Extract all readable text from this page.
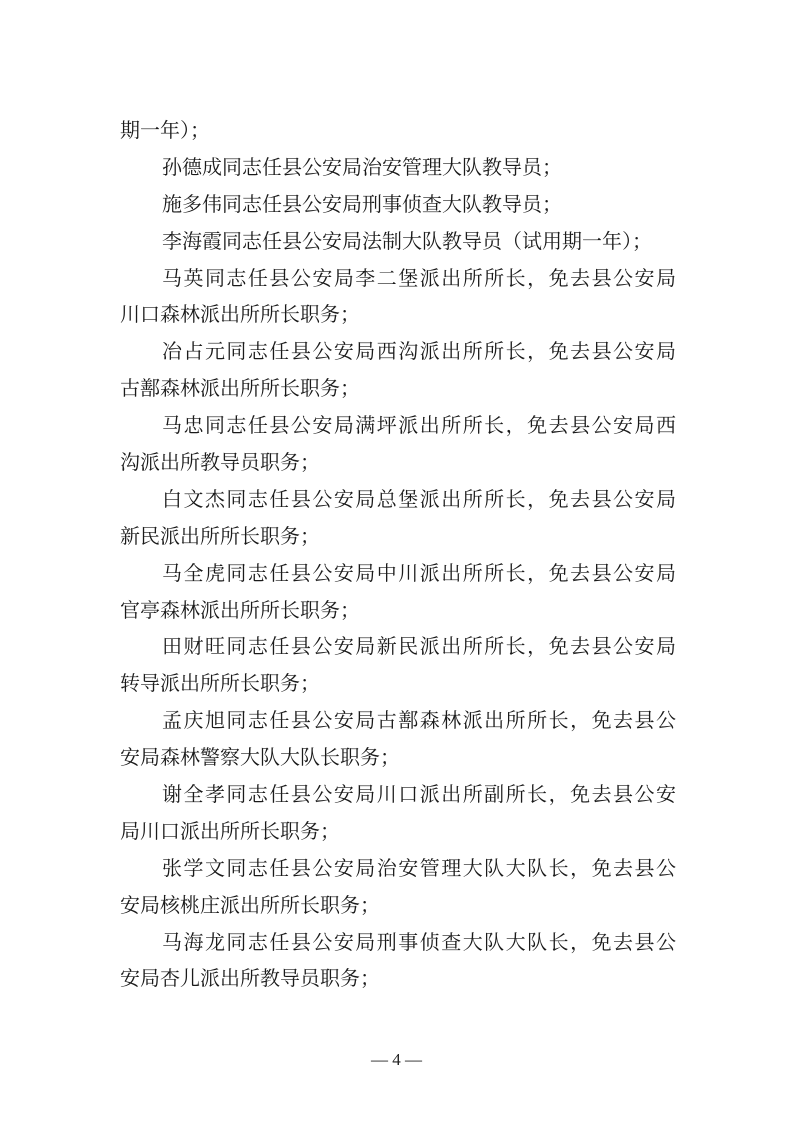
期一年）；
孙德成同志任县公安局治安管理大队教导员；
施多伟同志任县公安局刑事侦查大队教导员；
李海霞同志任县公安局法制大队教导员（试用期一年）；
马英同志任县公安局李二堡派出所所长，免去县公安局
川口森林派出所所长职务；
冶占元同志任县公安局西沟派出所所长，免去县公安局
古鄯森林派出所所长职务；
马忠同志任县公安局满坪派出所所长，免去县公安局西
沟派出所教导员职务；
白文杰同志任县公安局总堡派出所所长，免去县公安局
新民派出所所长职务；
马全虎同志任县公安局中川派出所所长，免去县公安局
官亭森林派出所所长职务；
田财旺同志任县公安局新民派出所所长，免去县公安局
转导派出所所长职务；
孟庆旭同志任县公安局古鄯森林派出所所长，免去县公
安局森林警察大队大队长职务；
谢全孝同志任县公安局川口派出所副所长，免去县公安
局川口派出所所长职务；
张学文同志任县公安局治安管理大队大队长，免去县公
安局核桃庄派出所所长职务；
马海龙同志任县公安局刑事侦查大队大队长，免去县公
安局杏儿派出所教导员职务；
— 4 —
